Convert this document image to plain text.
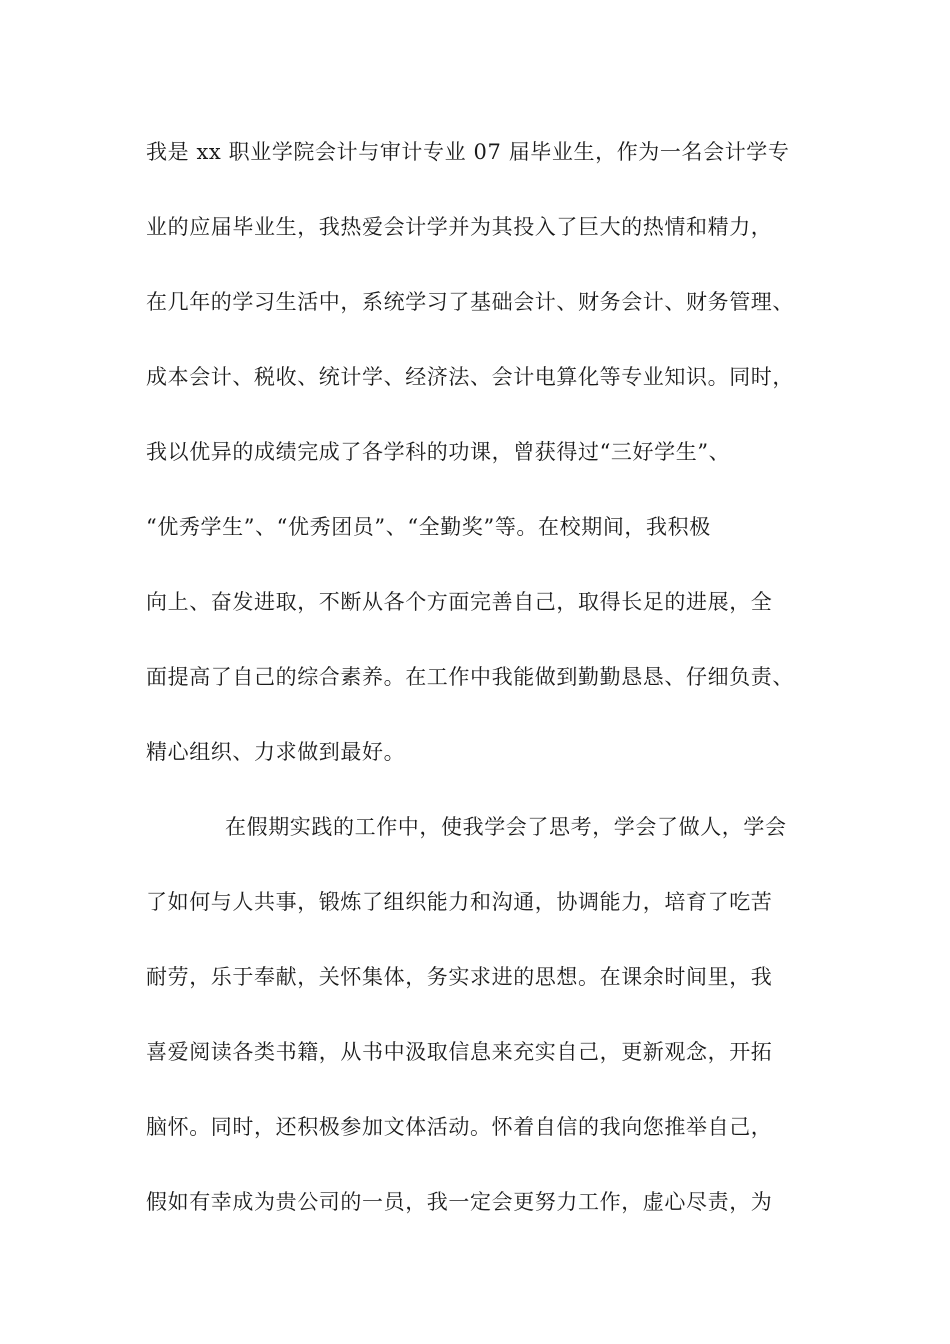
我是 xx 职业学院会计与审计专业 07 届毕业生，作为一名会计学专
业的应届毕业生，我热爱会计学并为其投入了巨大的热情和精力，
在几年的学习生活中，系统学习了基础会计、财务会计、财务管理、
成本会计、税收、统计学、经济法、会计电算化等专业知识。同时，
我以优异的成绩完成了各学科的功课，曾获得过“三好学生”、
“优秀学生”、“优秀团员”、“全勤奖”等。在校期间，我积极
向上、奋发进取，不断从各个方面完善自己，取得长足的进展，全
面提高了自己的综合素养。在工作中我能做到勤勤恳恳、仔细负责、
精心组织、力求做到最好。
在假期实践的工作中，使我学会了思考，学会了做人，学会
了如何与人共事，锻炼了组织能力和沟通，协调能力，培育了吃苦
耐劳，乐于奉献，关怀集体，务实求进的思想。在课余时间里，我
喜爱阅读各类书籍，从书中汲取信息来充实自己，更新观念，开拓
脑怀。同时，还积极参加文体活动。怀着自信的我向您推举自己，
假如有幸成为贵公司的一员，我一定会更努力工作，虚心尽责，为
